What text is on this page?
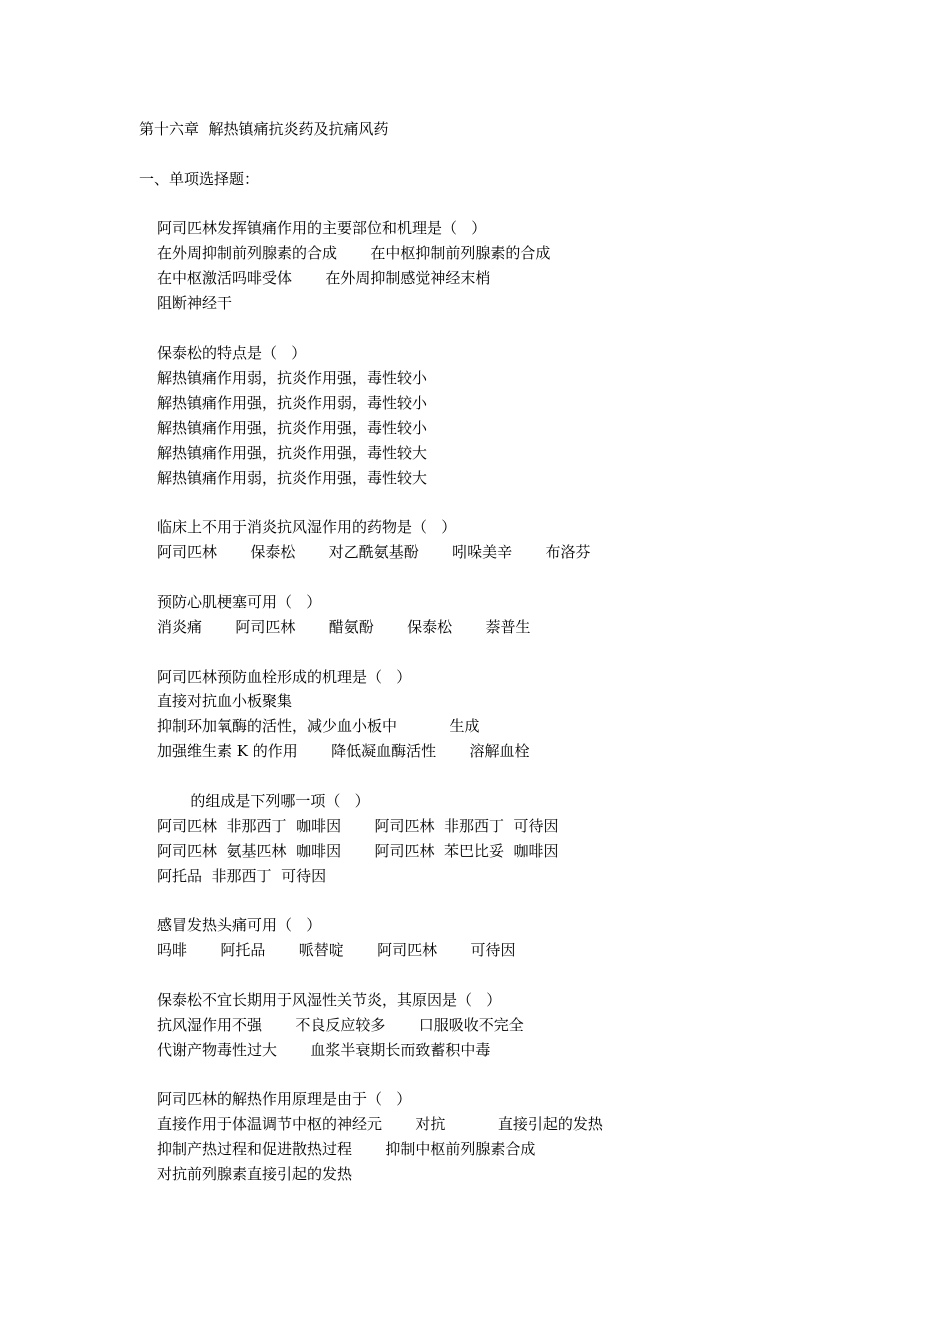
第十六章  解热镇痛抗炎药及抗痛风药
一、单项选择题：
阿司匹林发挥镇痛作用的主要部位和机理是（   ）
在外周抑制前列腺素的合成       在中枢抑制前列腺素的合成
在中枢激活吗啡受体       在外周抑制感觉神经末梢
阻断神经干
保泰松的特点是（   ）
解热镇痛作用弱，抗炎作用强，毒性较小
解热镇痛作用强，抗炎作用弱，毒性较小
解热镇痛作用强，抗炎作用强，毒性较小
解热镇痛作用强，抗炎作用强，毒性较大
解热镇痛作用弱，抗炎作用强，毒性较大
临床上不用于消炎抗风湿作用的药物是（   ）
阿司匹林       保泰松       对乙酰氨基酚       吲哚美辛       布洛芬
预防心肌梗塞可用（   ）
消炎痛       阿司匹林       醋氨酚       保泰松       萘普生
阿司匹林预防血栓形成的机理是（   ）
直接对抗血小板聚集
抑制环加氧酶的活性，减少血小板中           生成
加强维生素 K 的作用       降低凝血酶活性       溶解血栓
的组成是下列哪一项（   ）
阿司匹林  非那西丁  咖啡因       阿司匹林  非那西丁  可待因
阿司匹林  氨基匹林  咖啡因       阿司匹林  苯巴比妥  咖啡因
阿托品  非那西丁  可待因
感冒发热头痛可用（   ）
吗啡       阿托品       哌替啶       阿司匹林       可待因
保泰松不宜长期用于风湿性关节炎，其原因是（   ）
抗风湿作用不强       不良反应较多       口服吸收不完全
代谢产物毒性过大       血浆半衰期长而致蓄积中毒
阿司匹林的解热作用原理是由于（   ）
直接作用于体温调节中枢的神经元       对抗           直接引起的发热
抑制产热过程和促进散热过程       抑制中枢前列腺素合成
对抗前列腺素直接引起的发热
